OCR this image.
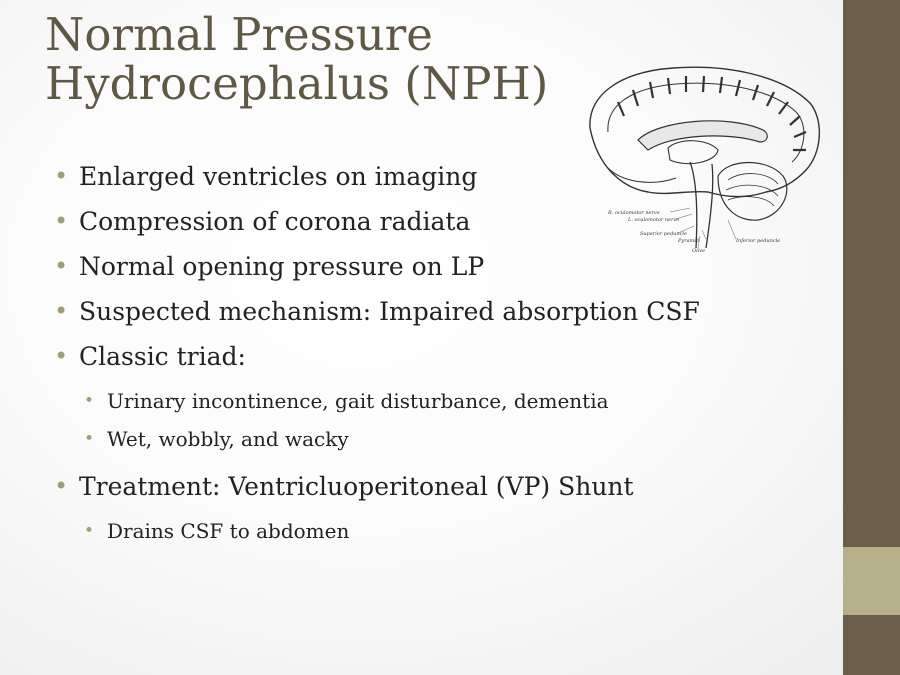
Normal Pressure
Hydrocephalus (NPH)
R. oculomotor nerve
L. oculomotor nerve
Superior peduncle
Pyramid
Olive
Inferior peduncle
• Enlarged ventricles on imaging
• Compression of corona radiata
• Normal opening pressure on LP
• Suspected mechanism: Impaired absorption CSF
• Classic triad:
• Urinary incontinence, gait disturbance, dementia
• Wet, wobbly, and wacky
• Treatment: Ventricluoperitoneal (VP) Shunt
• Drains CSF to abdomen
